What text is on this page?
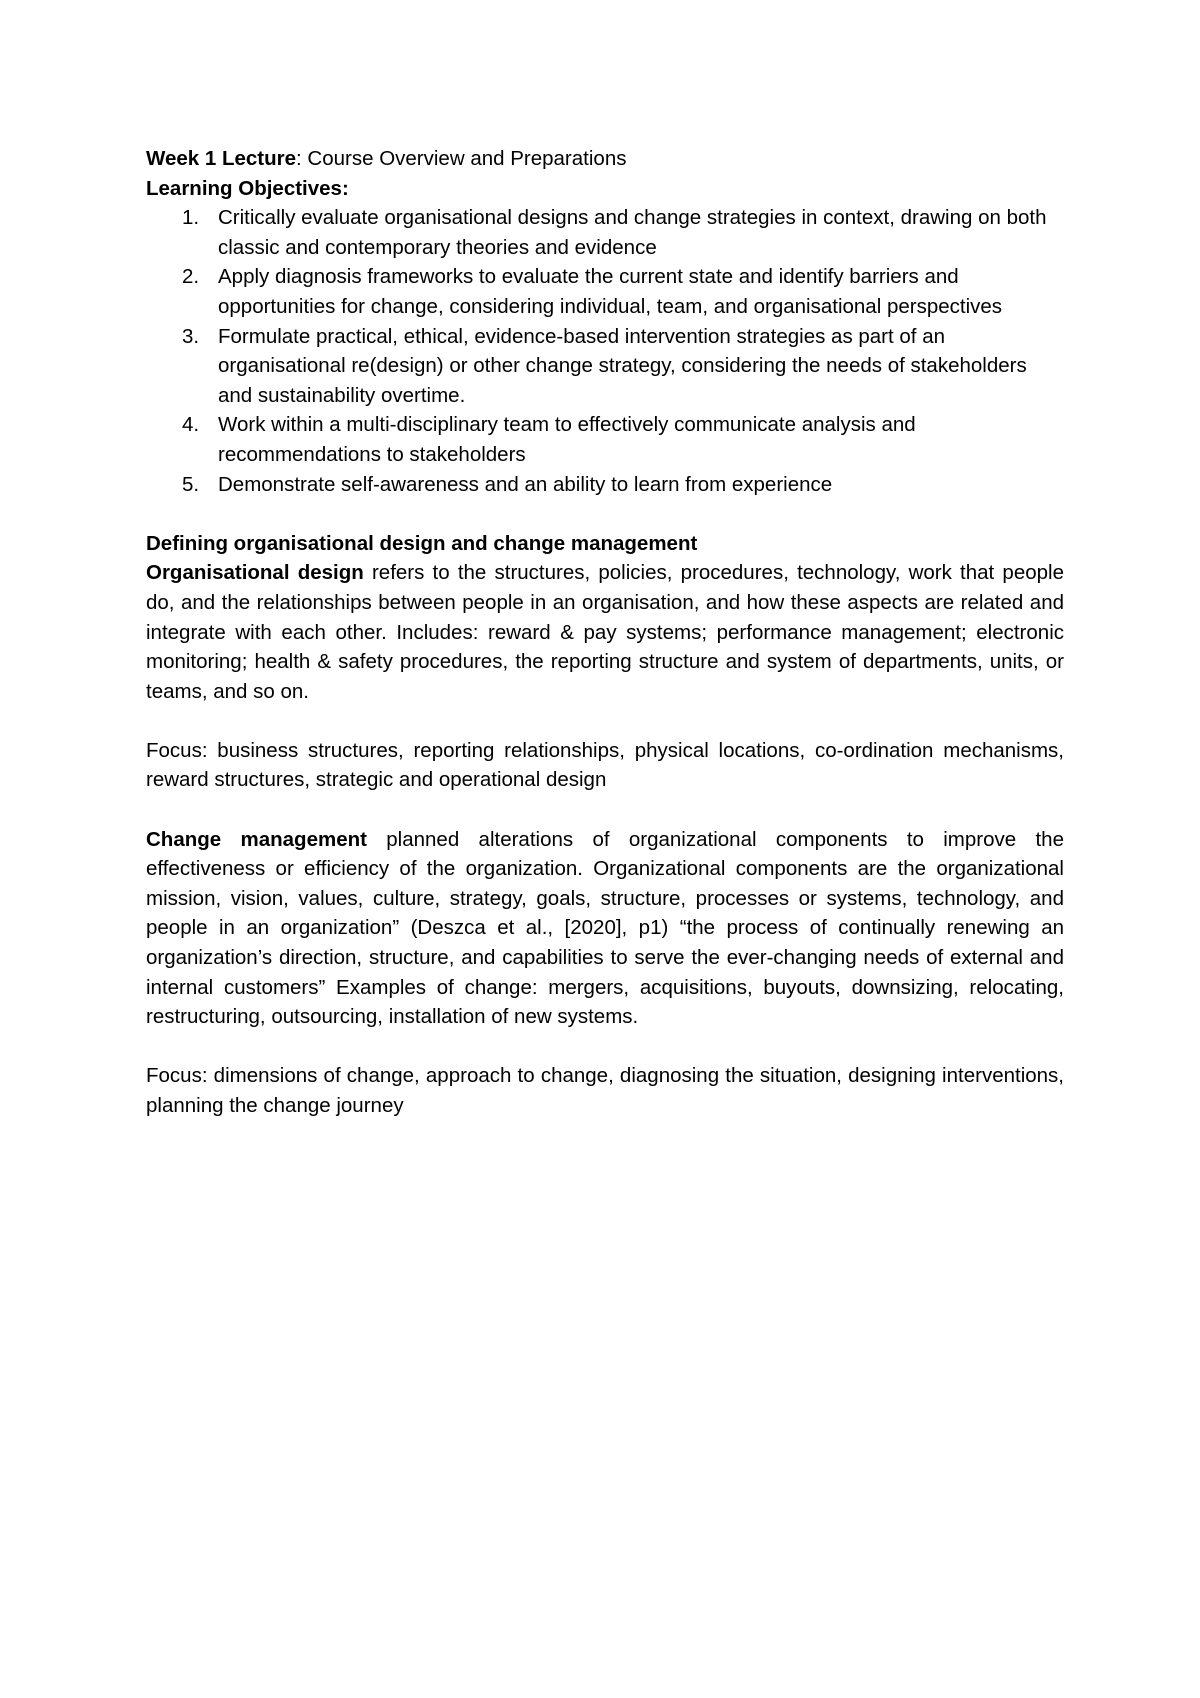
Week 1 Lecture: Course Overview and Preparations

Learning Objectives:

1. Critically evaluate organisational designs and change strategies in context, drawing on both classic and contemporary theories and evidence
2. Apply diagnosis frameworks to evaluate the current state and identify barriers and opportunities for change, considering individual, team, and organisational perspectives
3. Formulate practical, ethical, evidence-based intervention strategies as part of an organisational re(design) or other change strategy, considering the needs of stakeholders and sustainability overtime.
4. Work within a multi-disciplinary team to effectively communicate analysis and recommendations to stakeholders
5. Demonstrate self-awareness and an ability to learn from experience

Defining organisational design and change management

Organisational design refers to the structures, policies, procedures, technology, work that people do, and the relationships between people in an organisation, and how these aspects are related and integrate with each other. Includes: reward & pay systems; performance management; electronic monitoring; health & safety procedures, the reporting structure and system of departments, units, or teams, and so on.

Focus: business structures, reporting relationships, physical locations, co-ordination mechanisms, reward structures, strategic and operational design

Change management planned alterations of organizational components to improve the effectiveness or efficiency of the organization. Organizational components are the organizational mission, vision, values, culture, strategy, goals, structure, processes or systems, technology, and people in an organization” (Deszca et al., [2020], p1) “the process of continually renewing an organization’s direction, structure, and capabilities to serve the ever-changing needs of external and internal customers” Examples of change: mergers, acquisitions, buyouts, downsizing, relocating, restructuring, outsourcing, installation of new systems.

Focus: dimensions of change, approach to change, diagnosing the situation, designing interventions, planning the change journey
